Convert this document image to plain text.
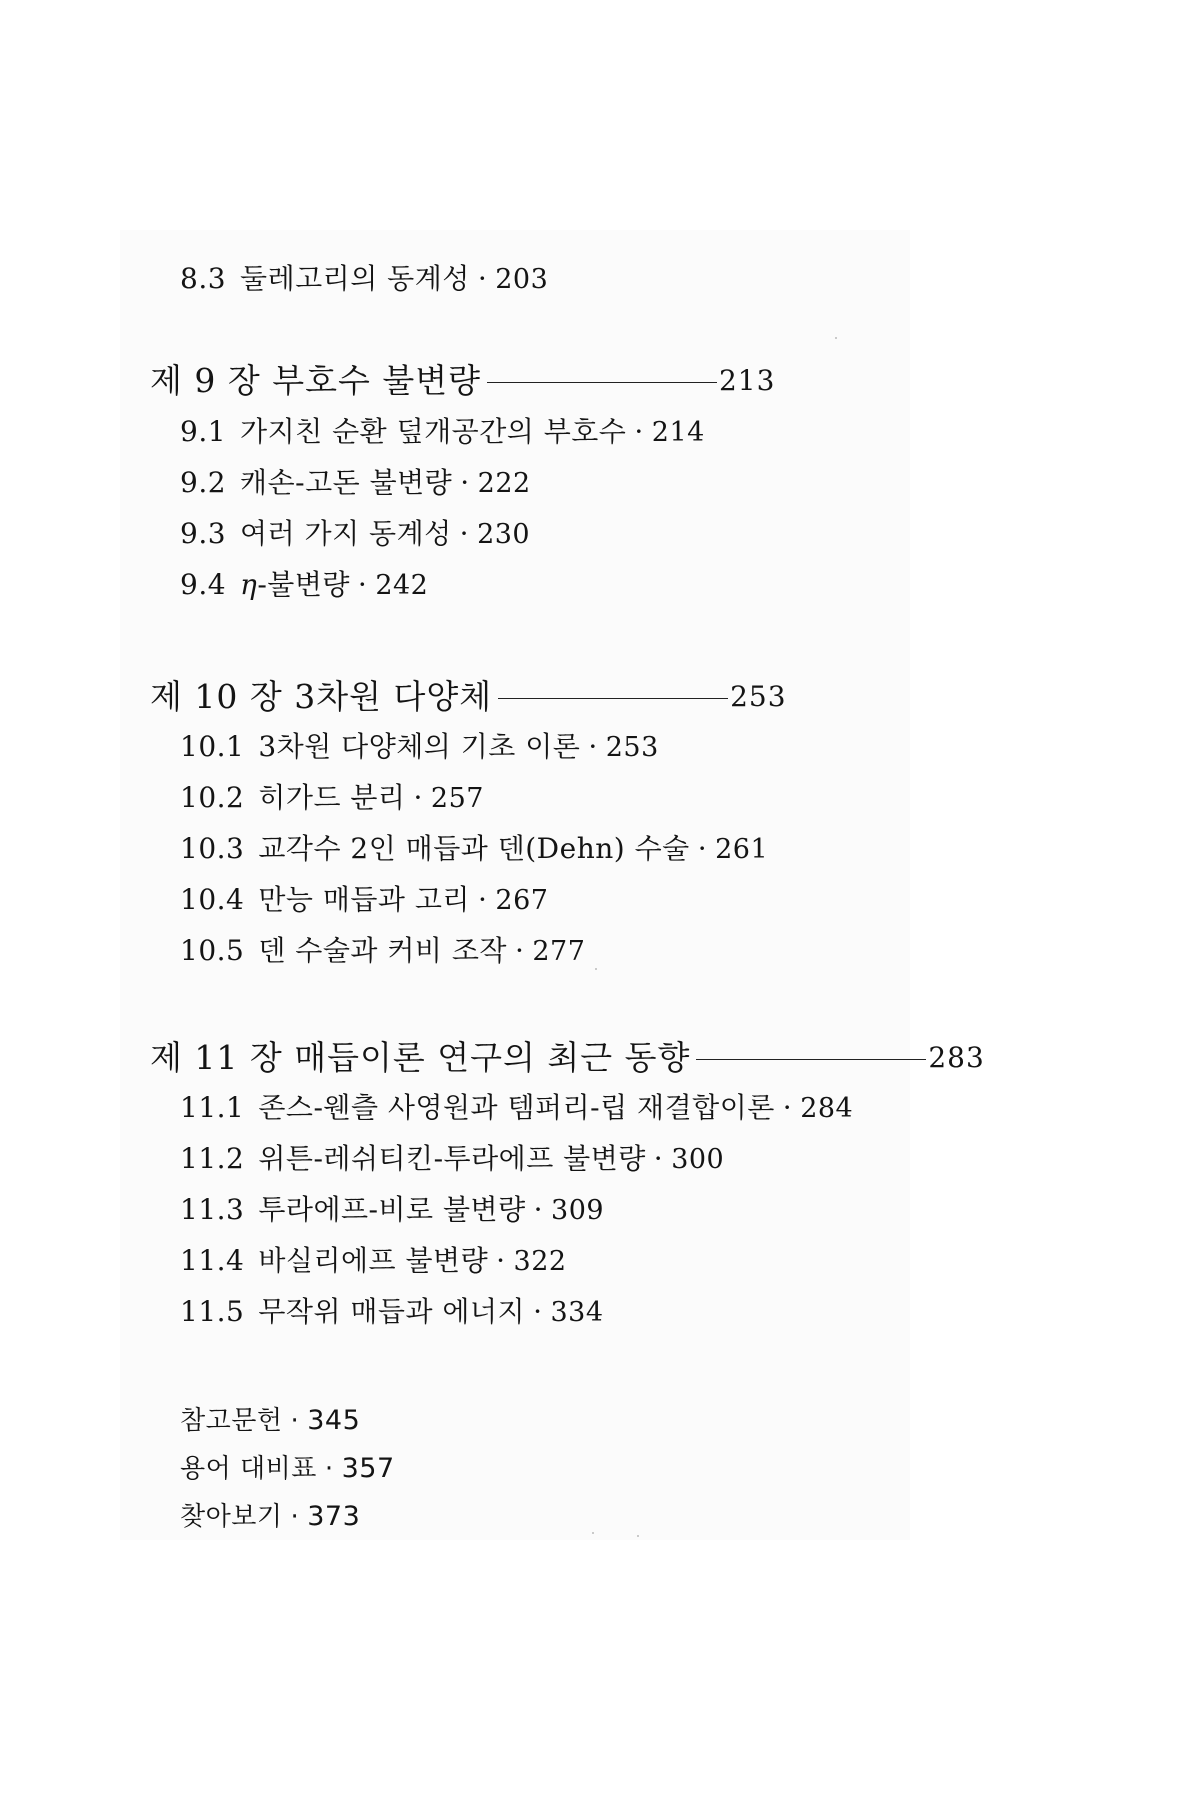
8.3 둘레고리의 동계성 · 203
제 9 장 부호수 불변량	213
9.1 가지친 순환 덮개공간의 부호수 · 214
9.2 캐손-고돈 불변량 · 222
9.3 여러 가지 동계성 · 230
9.4 η -불변량 · 242
제 10 장 3차원 다양체	253
10.1 3차원 다양체의 기초 이론 · 253
10.2 히가드 분리 · 257
10.3 교각수 2인 매듭과 덴(Dehn) 수술 · 261
10.4 만능 매듭과 고리 · 267
10.5 덴 수술과 커비 조작 · 277
제 11 장 매듭이론 연구의 최근 동향	283
11.1 존스-웬츨 사영원과 템퍼리-립 재결합이론 · 284
11.2 위튼-레쉬티킨-투라에프 불변량 · 300
11.3 투라에프-비로 불변량 · 309
11.4 바실리에프 불변량 · 322
11.5 무작위 매듭과 에너지 · 334
참고문헌 · 345
용어 대비표 · 357
찾아보기 · 373
